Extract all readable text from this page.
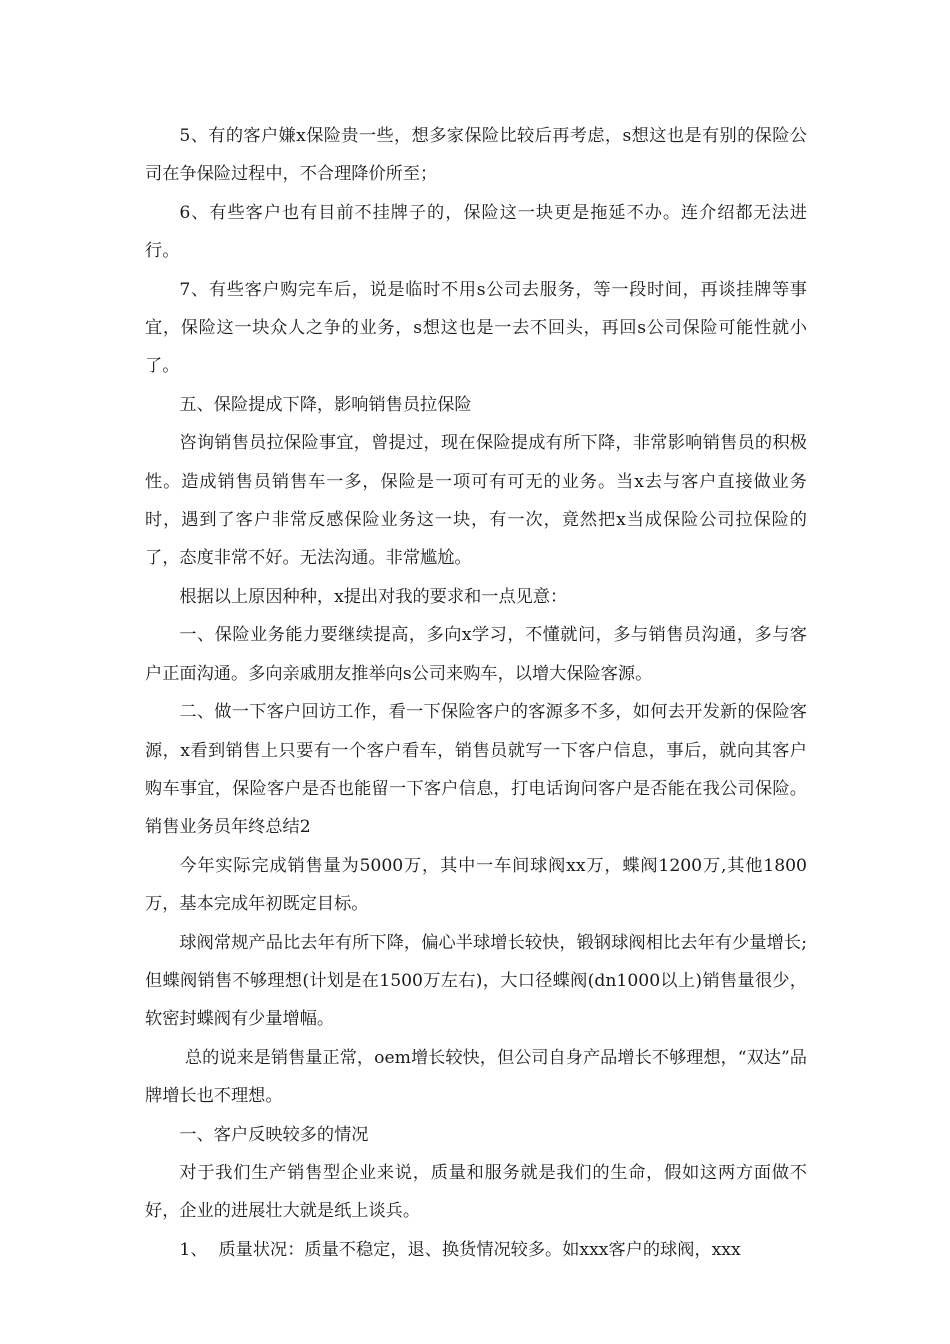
5、有的客户嫌x保险贵一些，想多家保险比较后再考虑，s想这也是有别的保险公司在争保险过程中，不合理降价所至；

6、有些客户也有目前不挂牌子的，保险这一块更是拖延不办。连介绍都无法进行。

7、有些客户购完车后，说是临时不用s公司去服务，等一段时间，再谈挂牌等事宜，保险这一块众人之争的业务，s想这也是一去不回头，再回s公司保险可能性就小了。

五、保险提成下降，影响销售员拉保险

咨询销售员拉保险事宜，曾提过，现在保险提成有所下降，非常影响销售员的积极性。造成销售员销售车一多，保险是一项可有可无的业务。当x去与客户直接做业务时，遇到了客户非常反感保险业务这一块，有一次，竟然把x当成保险公司拉保险的了，态度非常不好。无法沟通。非常尴尬。

根据以上原因种种，x提出对我的要求和一点见意：

一、保险业务能力要继续提高，多向x学习，不懂就问，多与销售员沟通，多与客户正面沟通。多向亲戚朋友推举向s公司来购车，以增大保险客源。

二、做一下客户回访工作，看一下保险客户的客源多不多，如何去开发新的保险客源，x看到销售上只要有一个客户看车，销售员就写一下客户信息，事后，就向其客户购车事宜，保险客户是否也能留一下客户信息，打电话询问客户是否能在我公司保险。销售业务员年终总结2

今年实际完成销售量为5000万，其中一车间球阀xx万，蝶阀1200万,其他1800万，基本完成年初既定目标。

球阀常规产品比去年有所下降，偏心半球增长较快，锻钢球阀相比去年有少量增长;但蝶阀销售不够理想(计划是在1500万左右)，大口径蝶阀(dn1000以上)销售量很少，软密封蝶阀有少量增幅。

总的说来是销售量正常，oem增长较快，但公司自身产品增长不够理想，“双达”品牌增长也不理想。

一、客户反映较多的情况

对于我们生产销售型企业来说，质量和服务就是我们的生命，假如这两方面做不好，企业的进展壮大就是纸上谈兵。

1、  质量状况：质量不稳定，退、换货情况较多。如xxx客户的球阀，xxx
